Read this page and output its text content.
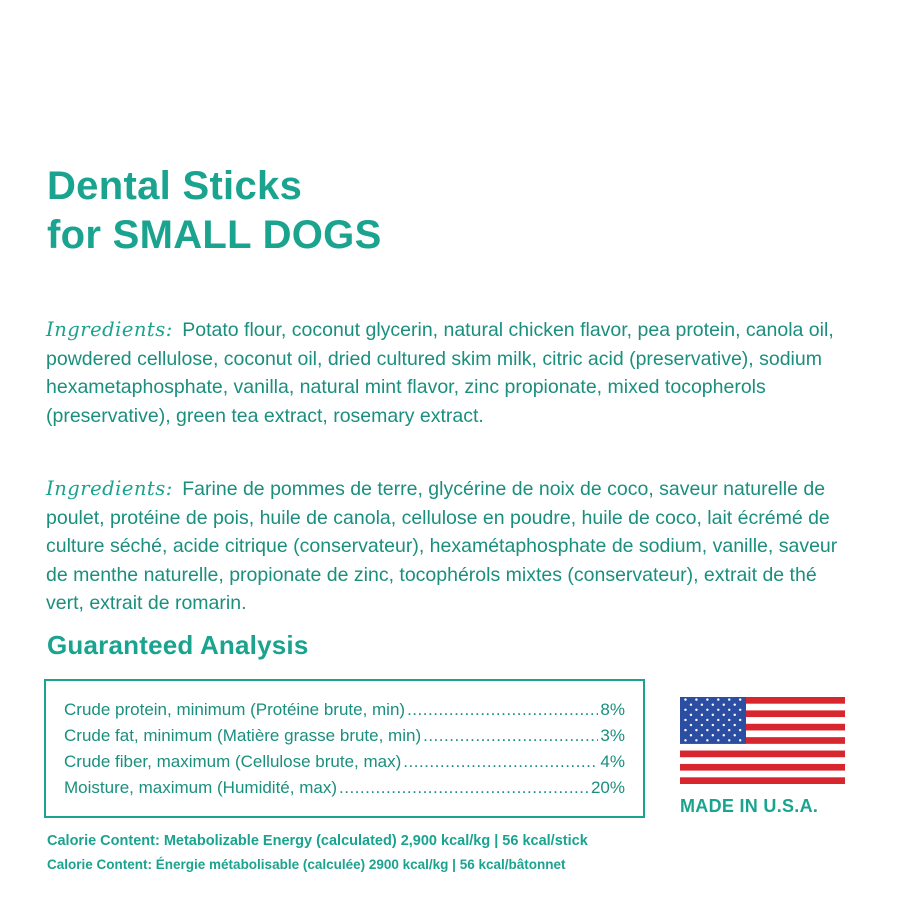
Dental Sticks
for SMALL DOGS
Ingredients: Potato flour, coconut glycerin, natural chicken flavor, pea protein, canola oil, powdered cellulose, coconut oil, dried cultured skim milk, citric acid (preservative), sodium hexametaphosphate, vanilla, natural mint flavor, zinc propionate, mixed tocopherols (preservative), green tea extract, rosemary extract.
Ingredients: Farine de pommes de terre, glycérine de noix de coco, saveur naturelle de poulet, protéine de pois, huile de canola, cellulose en poudre, huile de coco, lait écrémé de culture séché, acide citrique (conservateur), hexamétaphosphate de sodium, vanille, saveur de menthe naturelle, propionate de zinc, tocophérols mixtes (conservateur), extrait de thé vert, extrait de romarin.
Guaranteed Analysis
Crude protein, minimum (Protéine brute, min) .....	8%
Crude fat, minimum (Matière grasse brute, min) .....	3%
Crude fiber, maximum (Cellulose brute, max) .....	4%
Moisture, maximum (Humidité, max) .....	20%
MADE IN U.S.A.
Calorie Content: Metabolizable Energy (calculated) 2,900 kcal/kg | 56 kcal/stick
Calorie Content: Énergie métabolisable (calculée) 2900 kcal/kg | 56 kcal/bâtonnet
